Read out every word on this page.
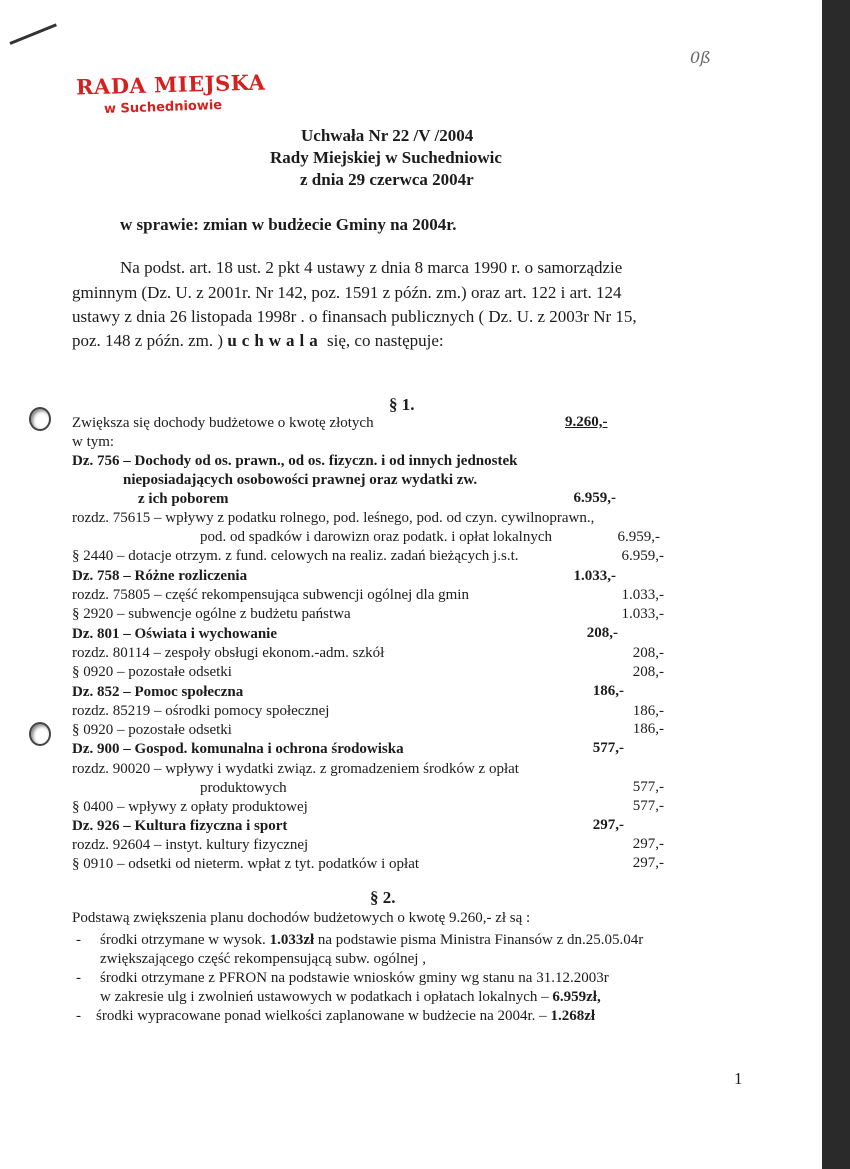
0ß
RADA MIEJSKA
w Suchedniowie
Uchwała Nr 22 /V /2004
Rady Miejskiej w Suchedniowic
z dnia 29 czerwca 2004r
w sprawie: zmian w budżecie Gminy na 2004r.
Na podst. art. 18 ust. 2 pkt 4 ustawy z dnia 8 marca 1990 r. o samorządzie
gminnym (Dz. U. z 2001r. Nr 142, poz. 1591 z późn. zm.) oraz art. 122 i art. 124
ustawy z dnia 26 listopada 1998r . o finansach publicznych ( Dz. U. z 2003r Nr 15,
poz. 148 z późn. zm. ) uchwala się, co następuje:
§ 1.
Zwiększa się dochody budżetowe o kwotę złotych	9.260,-
w tym:
Dz. 756 – Dochody od os. prawn., od os. fizyczn. i od innych jednostek
nieposiadających osobowości prawnej oraz wydatki zw.
z ich poborem	6.959,-
rozdz. 75615 – wpływy z podatku rolnego, pod. leśnego, pod. od czyn. cywilnoprawn.,
pod. od spadków i darowizn oraz podatk. i opłat lokalnych	6.959,-
§ 2440 – dotacje otrzym. z fund. celowych na realiz. zadań bieżących j.s.t.	6.959,-
Dz. 758 – Różne rozliczenia	1.033,-
rozdz. 75805 – część rekompensująca subwencji ogólnej dla gmin	1.033,-
§ 2920 – subwencje ogólne z budżetu państwa	1.033,-
Dz. 801 – Oświata i wychowanie	208,-
rozdz. 80114 – zespoły obsługi ekonom.-adm. szkół	208,-
§ 0920 – pozostałe odsetki	208,-
Dz. 852 – Pomoc społeczna	186,-
rozdz. 85219 – ośrodki pomocy społecznej	186,-
§ 0920 – pozostałe odsetki	186,-
Dz. 900 – Gospod. komunalna i ochrona środowiska	577,-
rozdz. 90020 – wpływy i wydatki związ. z gromadzeniem środków z opłat
produktowych	577,-
§ 0400 – wpływy z opłaty produktowej	577,-
Dz. 926 – Kultura fizyczna i sport	297,-
rozdz. 92604 – instyt. kultury fizycznej	297,-
§ 0910 – odsetki od nieterm. wpłat z tyt. podatków i opłat	297,-
§ 2.
Podstawą zwiększenia planu dochodów budżetowych o kwotę 9.260,- zł są :
- środki otrzymane w wysok. 1.033zł na podstawie pisma Ministra Finansów z dn.25.05.04r
zwiększającego część rekompensującą subw. ogólnej ,
- środki otrzymane z PFRON na podstawie wniosków gminy wg stanu na 31.12.2003r
w zakresie ulg i zwolnień ustawowych w podatkach i opłatach lokalnych – 6.959zł,
- środki wypracowane ponad wielkości zaplanowane w budżecie na 2004r. – 1.268zł
1
